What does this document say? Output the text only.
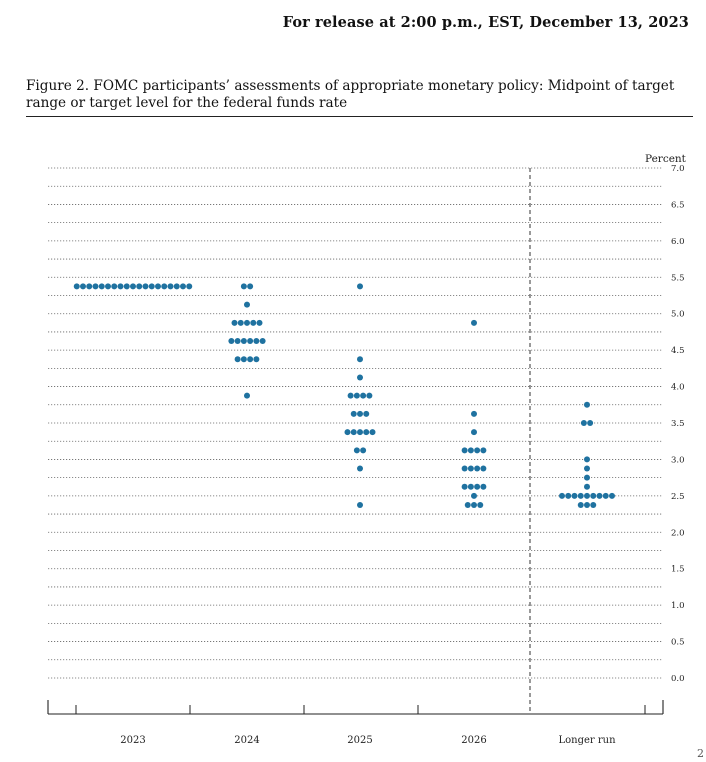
For release at 2:00 p.m., EST, December 13, 2023
Figure 2. FOMC participants’ assessments of appropriate monetary policy: Midpoint of target range or target level for the federal funds rate
0.0
0.5
1.0
1.5
2.0
2.5
3.0
3.5
4.0
4.5
5.0
5.5
6.0
6.5
7.0
Percent
2023	2024	2025	2026	Longer run
2
